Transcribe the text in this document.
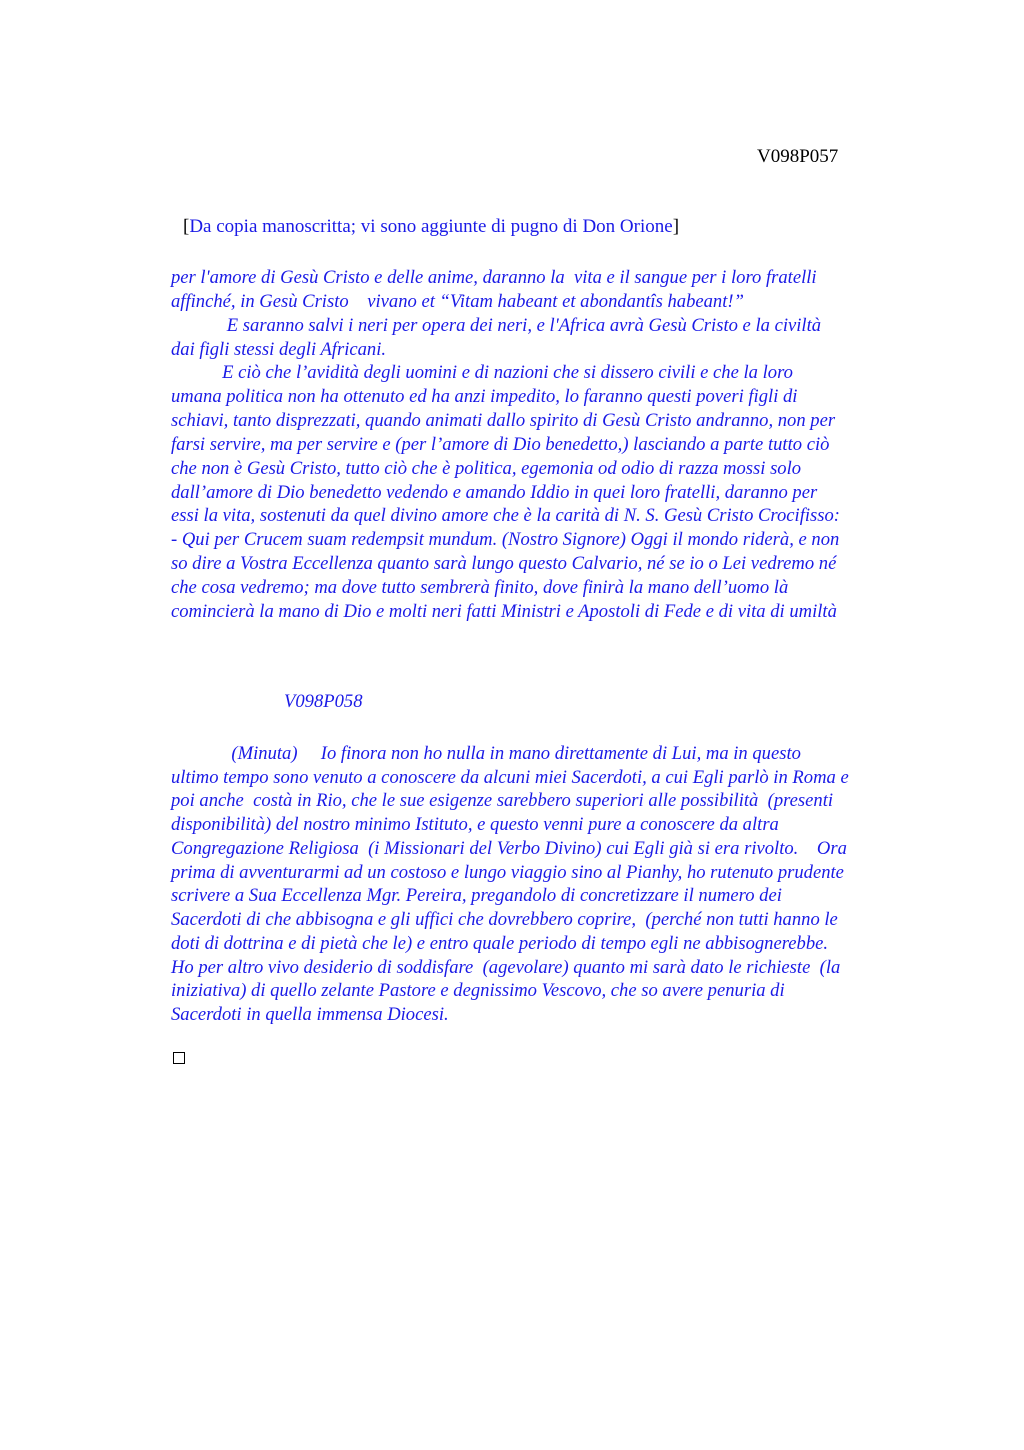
V098P057
[Da copia manoscritta; vi sono aggiunte di pugno di Don Orione]
per l'amore di Gesù Cristo e delle anime, daranno la  vita e il sangue per i loro fratelli
affinché, in Gesù Cristo    vivano et “Vitam habeant et abondantîs habeant!”
E saranno salvi i neri per opera dei neri, e l'Africa avrà Gesù Cristo e la civiltà
dai figli stessi degli Africani.
E ciò che l’avidità degli uomini e di nazioni che si dissero civili e che la loro
umana politica non ha ottenuto ed ha anzi impedito, lo faranno questi poveri figli di
schiavi, tanto disprezzati, quando animati dallo spirito di Gesù Cristo andranno, non per
farsi servire, ma per servire e (per l’amore di Dio benedetto,) lasciando a parte tutto ciò
che non è Gesù Cristo, tutto ciò che è politica, egemonia od odio di razza mossi solo
dall’amore di Dio benedetto vedendo e amando Iddio in quei loro fratelli, daranno per
essi la vita, sostenuti da quel divino amore che è la carità di N. S. Gesù Cristo Crocifisso:
- Qui per Crucem suam redempsit mundum. (Nostro Signore) Oggi il mondo riderà, e non
so dire a Vostra Eccellenza quanto sarà lungo questo Calvario, né se io o Lei vedremo né
che cosa vedremo; ma dove tutto sembrerà finito, dove finirà la mano dell’uomo là
comincierà la mano di Dio e molti neri fatti Ministri e Apostoli di Fede e di vita di umiltà
V098P058
(Minuta)     Io finora non ho nulla in mano direttamente di Lui, ma in questo
ultimo tempo sono venuto a conoscere da alcuni miei Sacerdoti, a cui Egli parlò in Roma e
poi anche  costà in Rio, che le sue esigenze sarebbero superiori alle possibilità  (presenti
disponibilità) del nostro minimo Istituto, e questo venni pure a conoscere da altra
Congregazione Religiosa  (i Missionari del Verbo Divino) cui Egli già si era rivolto.    Ora
prima di avventurarmi ad un costoso e lungo viaggio sino al Pianhy, ho rutenuto prudente
scrivere a Sua Eccellenza Mgr. Pereira, pregandolo di concretizzare il numero dei
Sacerdoti di che abbisogna e gli uffici che dovrebbero coprire,  (perché non tutti hanno le
doti di dottrina e di pietà che le) e entro quale periodo di tempo egli ne abbisognerebbe.
Ho per altro vivo desiderio di soddisfare  (agevolare) quanto mi sarà dato le richieste  (la
iniziativa) di quello zelante Pastore e degnissimo Vescovo, che so avere penuria di
Sacerdoti in quella immensa Diocesi.
